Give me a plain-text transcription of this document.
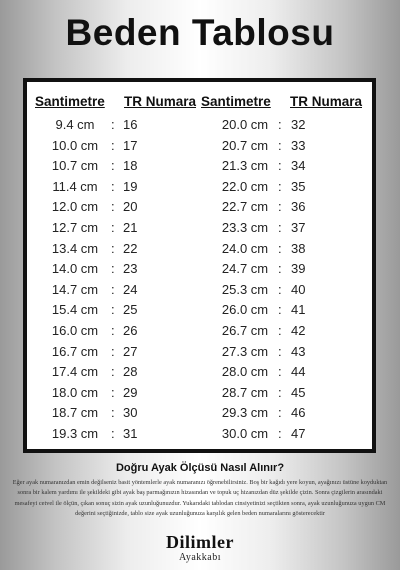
Beden Tablosu
Santimetre TR Numara Santimetre TR Numara
9.4 cm	: 16	20.0 cm : 32
10.0 cm : 17	20.7 cm : 33
10.7 cm : 18	21.3 cm : 34
11.4 cm	: 19	22.0 cm : 35
12.0 cm : 20	22.7 cm : 36
12.7 cm : 21	23.3 cm : 37
13.4 cm : 22	24.0 cm : 38
14.0 cm : 23	24.7 cm : 39
14.7 cm : 24	25.3 cm : 40
15.4 cm : 25	26.0 cm : 41
16.0 cm : 26	26.7 cm : 42
16.7 cm : 27	27.3 cm : 43
17.4 cm : 28	28.0 cm : 44
18.0 cm : 29	28.7 cm : 45
18.7 cm : 30	29.3 cm : 46
19.3 cm : 31	30.0 cm : 47
Doğru Ayak Ölçüsü Nasıl Alınır?
Eğer ayak numaranızdan emin değilseniz basit yöntemlerle ayak numaranızı öğrenebilirsiniz. Boş bir kağıdı yere koyun, ayağınızı üstüne koyduktan sonra bir kalem yardımı ile şekildeki gibi ayak baş parmağınızın hizasından ve topuk uç hizanızdan düz şekilde çizin. Sonra çizgilerin arasındaki mesafeyi cetvel ile ölçün, çıkan sonuç sizin ayak uzunluğunuzdur. Yukarıdaki tablodan cinsiyetinizi seçtikten sonra, ayak uzunluğunuza uygun CM değerini seçtiğinizde, tablo size ayak uzunluğunuza karşılık gelen beden numaralarını gösterecektir
Dilimler
Ayakkabı
